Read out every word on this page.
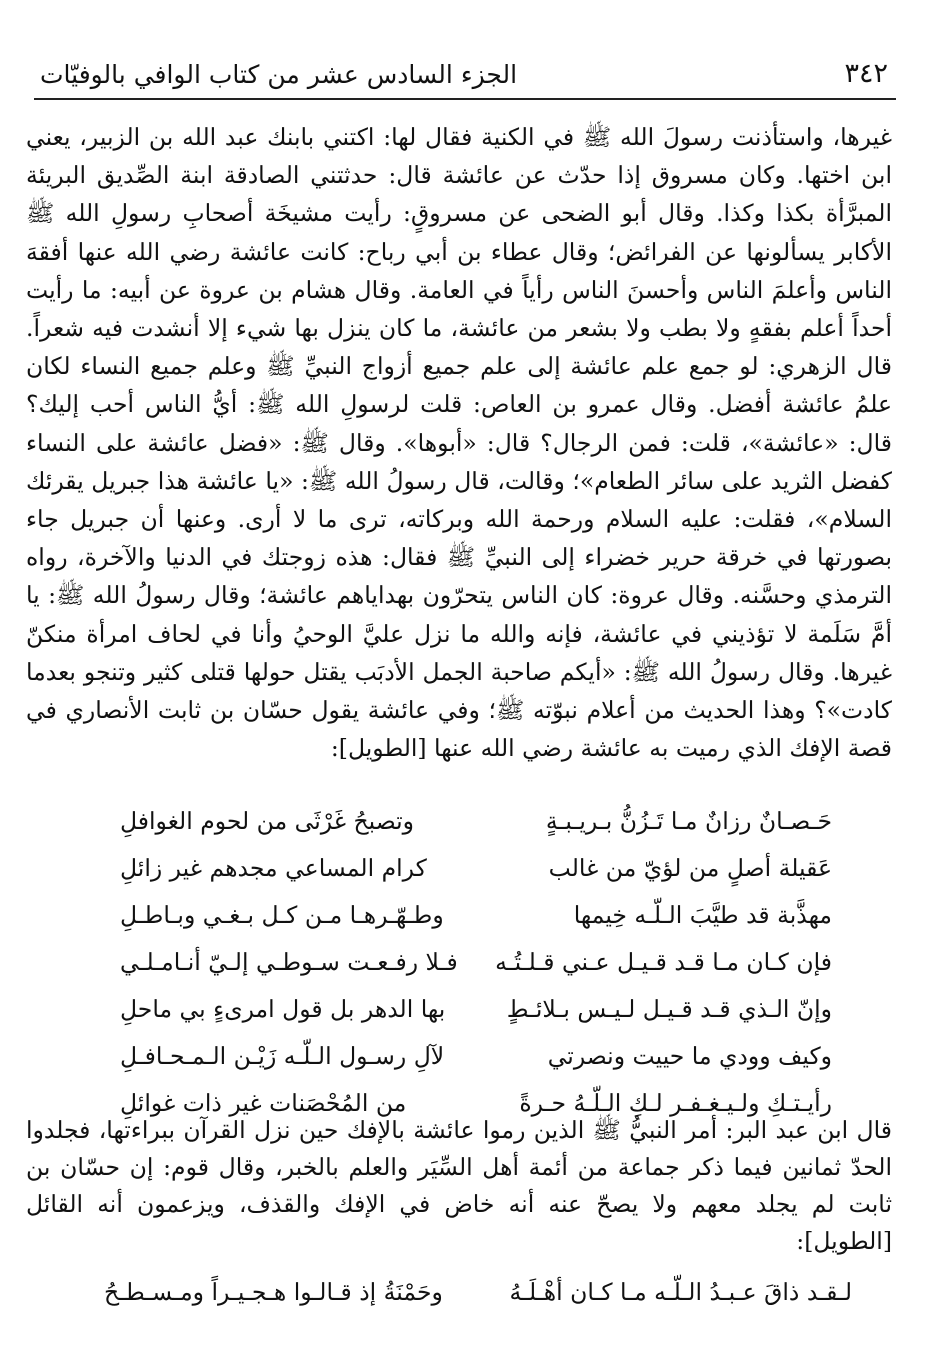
٣٤٢
الجزء السادس عشر من كتاب الوافي بالوفيّات

غيرها، واستأذنت رسولَ الله ﷺ في الكنية فقال لها: اكتني بابنك عبد الله بن الزبير، يعني ابن اختها. وكان مسروق إذا حدّث عن عائشة قال: حدثتني الصادقة ابنة الصِّديق البريئة المبرَّأة بكذا وكذا. وقال أبو الضحى عن مسروقٍ: رأيت مشيخَة أصحابِ رسولِ الله ﷺ الأكابر يسألونها عن الفرائض؛ وقال عطاء بن أبي رباح: كانت عائشة رضي الله عنها أفقهَ الناس وأعلمَ الناس وأحسنَ الناس رأياً في العامة. وقال هشام بن عروة عن أبيه: ما رأيت أحداً أعلم بفقهٍ ولا بطب ولا بشعر من عائشة، ما كان ينزل بها شيء إلا أنشدت فيه شعراً. قال الزهري: لو جمع علم عائشة إلى علم جميع أزواج النبيِّ ﷺ وعلم جميع النساء لكان علمُ عائشة أفضل. وقال عمرو بن العاص: قلت لرسولِ الله ﷺ: أيُّ الناس أحب إليك؟ قال: «عائشة»، قلت: فمن الرجال؟ قال: «أبوها». وقال ﷺ: «فضل عائشة على النساء كفضل الثريد على سائر الطعام»؛ وقالت، قال رسولُ الله ﷺ: «يا عائشة هذا جبريل يقرئك السلام»، فقلت: عليه السلام ورحمة الله وبركاته، ترى ما لا أرى. وعنها أن جبريل جاء بصورتها في خرقة حرير خضراء إلى النبيِّ ﷺ فقال: هذه زوجتك في الدنيا والآخرة، رواه الترمذي وحسَّنه. وقال عروة: كان الناس يتحرّون بهداياهم عائشة؛ وقال رسولُ الله ﷺ: يا أمَّ سَلَمة لا تؤذيني في عائشة، فإنه والله ما نزل عليَّ الوحيُ وأنا في لحاف امرأة منكنّ غيرها. وقال رسولُ الله ﷺ: «أيكم صاحبة الجمل الأدبَب يقتل حولها قتلى كثير وتنجو بعدما كادت»؟ وهذا الحديث من أعلام نبوّته ﷺ؛ وفي عائشة يقول حسّان بن ثابت الأنصاري في قصة الإفك الذي رميت به عائشة رضي الله عنها [الطويل]:

حَـصـانٌ رزانٌ مـا تَـزُنُّ بـريـبـةٍ
وتصبحُ غَرْثَى من لحوم الغوافلِ
عَقيلة أصلٍ من لؤيّ من غالب
كرام المساعي مجدهم غير زائلِ
مهذَّبة قد طيَّبَ الـلّـه خِيمها
وطـهّـرهـا مـن كـل بـغـي وبـاطـلِ
فإن كـان مـا قـد قـيـل عـني قـلـتُـه
فـلا رفـعـت سـوطـي إلـيّ أنـامـلـي
وإنّ الـذي قـد قـيـل لـيـس بـلائـطٍ
بها الدهر بل قول امرىءٍ بي ماحلِ
وكيف وودي ما حييت ونصرتي
لآلِ رسـول الـلّـه زَيْـن الـمـحـافـلِ
رأيـتـكِ ولـيـغـفـر لـكِ الـلّـهُ حـرةً
من المُحْصَنات غير ذات غوائلِ

قال ابن عبد البر: أمر النبيُّ ﷺ الذين رموا عائشة بالإفك حين نزل القرآن ببراءتها، فجلدوا الحدّ ثمانين فيما ذكر جماعة من أئمة أهل السِّيَر والعلم بالخبر، وقال قوم: إن حسّان بن ثابت لم يجلد معهم ولا يصحّ عنه أنه خاض في الإفك والقذف، ويزعمون أنه القائل [الطويل]:

لـقـد ذاقَ عـبـدُ الـلّـه مـا كـان أهْـلَـهُ
وحَمْنَةُ إذ قـالـوا هـجـيـراً ومـسـطـحُ
